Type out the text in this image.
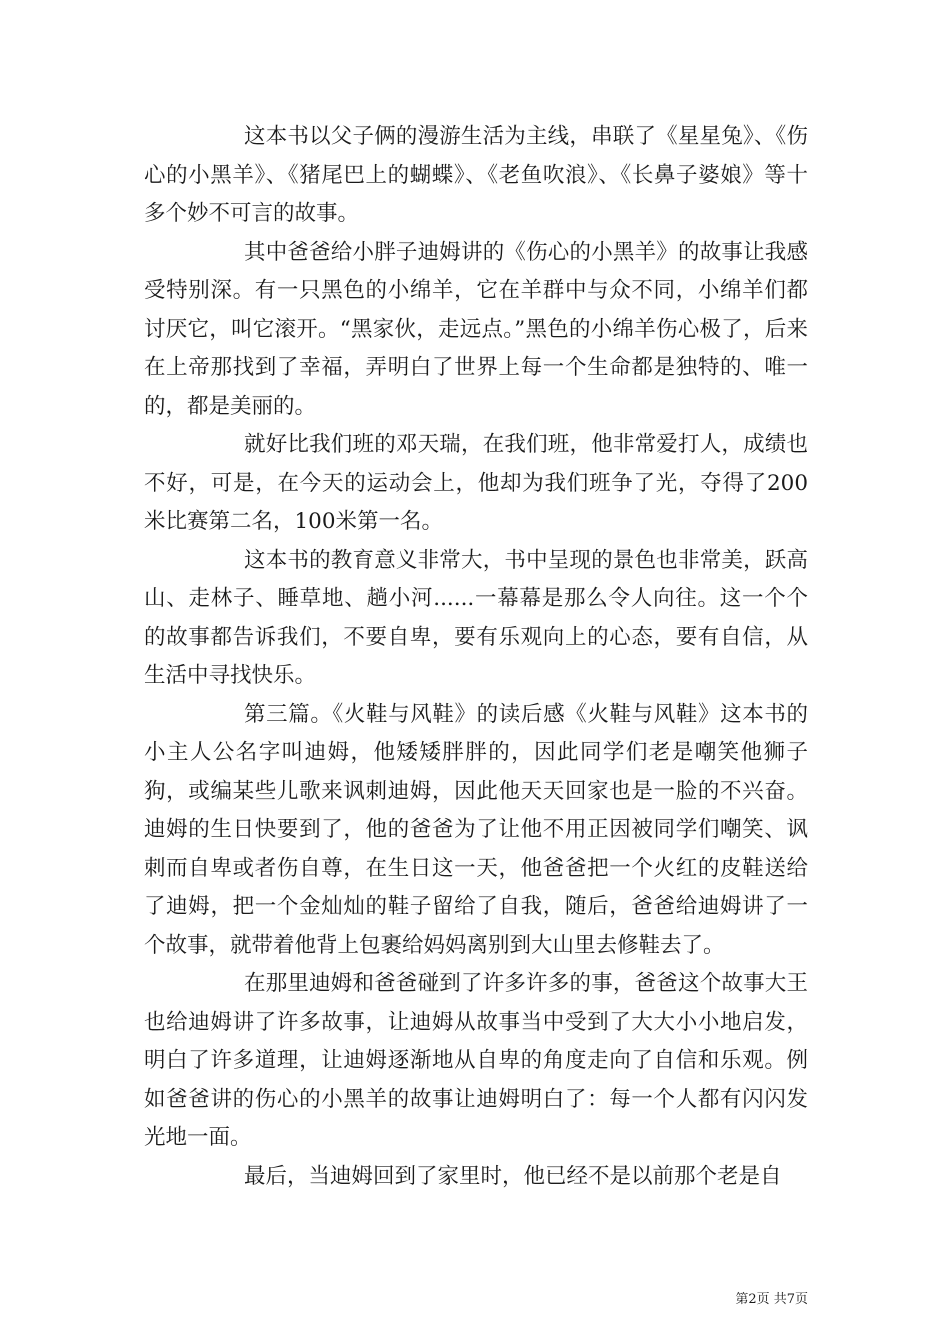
这本书以父子俩的漫游生活为主线，串联了《星星兔》、《伤心的小黑羊》、《猪尾巴上的蝴蝶》、《老鱼吹浪》、《长鼻子婆娘》等十多个妙不可言的故事。

其中爸爸给小胖子迪姆讲的《伤心的小黑羊》的故事让我感受特别深。有一只黑色的小绵羊，它在羊群中与众不同，小绵羊们都讨厌它，叫它滚开。“黑家伙，走远点。”黑色的小绵羊伤心极了，后来在上帝那找到了幸福，弄明白了世界上每一个生命都是独特的、唯一的，都是美丽的。

就好比我们班的邓天瑞，在我们班，他非常爱打人，成绩也不好，可是，在今天的运动会上，他却为我们班争了光，夺得了200米比赛第二名，100米第一名。

这本书的教育意义非常大，书中呈现的景色也非常美，跃高山、走林子、睡草地、趟小河......一幕幕是那么令人向往。这一个个的故事都告诉我们，不要自卑，要有乐观向上的心态，要有自信，从生活中寻找快乐。

第三篇。《火鞋与风鞋》的读后感《火鞋与风鞋》这本书的小主人公名字叫迪姆，他矮矮胖胖的，因此同学们老是嘲笑他狮子狗，或编某些儿歌来讽刺迪姆，因此他天天回家也是一脸的不兴奋。迪姆的生日快要到了，他的爸爸为了让他不用正因被同学们嘲笑、讽刺而自卑或者伤自尊，在生日这一天，他爸爸把一个火红的皮鞋送给了迪姆，把一个金灿灿的鞋子留给了自我，随后，爸爸给迪姆讲了一个故事，就带着他背上包裹给妈妈离别到大山里去修鞋去了。

在那里迪姆和爸爸碰到了许多许多的事，爸爸这个故事大王也给迪姆讲了许多故事，让迪姆从故事当中受到了大大小小地启发，明白了许多道理，让迪姆逐渐地从自卑的角度走向了自信和乐观。例如爸爸讲的伤心的小黑羊的故事让迪姆明白了：每一个人都有闪闪发光地一面。

最后，当迪姆回到了家里时，他已经不是以前那个老是自

第2页 共7页
